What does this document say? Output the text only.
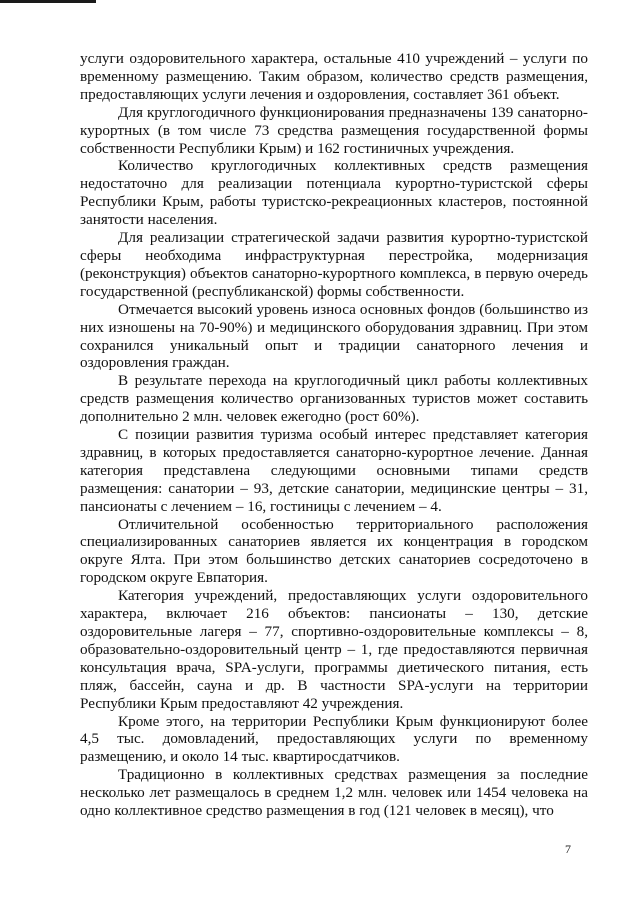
услуги оздоровительного характера, остальные 410 учреждений – услуги по временному размещению. Таким образом, количество средств размещения, предоставляющих услуги лечения и оздоровления, составляет 361 объект.

Для круглогодичного функционирования предназначены 139 санаторно-курортных (в том числе 73 средства размещения государственной формы собственности Республики Крым) и 162 гостиничных учреждения.

Количество круглогодичных коллективных средств размещения недостаточно для реализации потенциала курортно-туристской сферы Республики Крым, работы туристско-рекреационных кластеров, постоянной занятости населения.

Для реализации стратегической задачи развития курортно-туристской сферы необходима инфраструктурная перестройка, модернизация (реконструкция) объектов санаторно-курортного комплекса, в первую очередь государственной (республиканской) формы собственности.

Отмечается высокий уровень износа основных фондов (большинство из них изношены на 70-90%) и медицинского оборудования здравниц. При этом сохранился уникальный опыт и традиции санаторного лечения и оздоровления граждан.

В результате перехода на круглогодичный цикл работы коллективных средств размещения количество организованных туристов может составить дополнительно 2 млн. человек ежегодно (рост 60%).

С позиции развития туризма особый интерес представляет категория здравниц, в которых предоставляется санаторно-курортное лечение. Данная категория представлена следующими основными типами средств размещения: санатории – 93, детские санатории, медицинские центры – 31, пансионаты с лечением – 16, гостиницы с лечением – 4.

Отличительной особенностью территориального расположения специализированных санаториев является их концентрация в городском округе Ялта. При этом большинство детских санаториев сосредоточено в городском округе Евпатория.

Категория учреждений, предоставляющих услуги оздоровительного характера, включает 216 объектов: пансионаты – 130, детские оздоровительные лагеря – 77, спортивно-оздоровительные комплексы – 8, образовательно-оздоровительный центр – 1, где предоставляются первичная консультация врача, SPA-услуги, программы диетического питания, есть пляж, бассейн, сауна и др. В частности SPA-услуги на территории Республики Крым предоставляют 42 учреждения.

Кроме этого, на территории Республики Крым функционируют более 4,5 тыс. домовладений, предоставляющих услуги по временному размещению, и около 14 тыс. квартиросдатчиков.

Традиционно в коллективных средствах размещения за последние несколько лет размещалось в среднем 1,2 млн. человек или 1454 человека на одно коллективное средство размещения в год (121 человек в месяц), что

7
